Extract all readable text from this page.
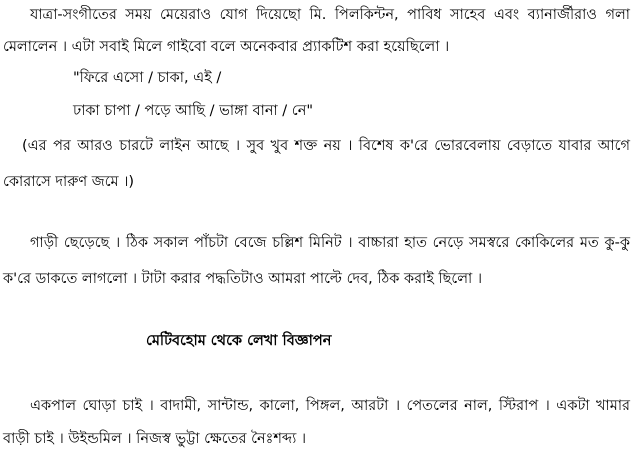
যাত্রা-সংগীতের সময় মেয়েরাও যোগ দিয়েছো মি. পিলকিন্টন, পাবিধ সাহেব এবং ব্যানার্জীরাও গলা
মেলালেন । এটা সবাই মিলে গাইবো বলে অনেকবার প্র্যাকটিশ করা হয়েছিলো ।
"ফিরে এসো / চাকা, এই /
ঢাকা চাপা / পড়ে আছি / ভাঙ্গা বানা / নে"
(এর পর আরও চারটে লাইন আছে । সুব খুব শক্ত নয় । বিশেষ ক'রে ভোরবেলায় বেড়াতে যাবার আগে
কোরাসে দারুণ জমে ।)
গাড়ী ছেড়েছে । ঠিক সকাল পাঁচটা বেজে চল্লিশ মিনিট । বাচ্চারা হাত নেড়ে সমস্বরে কোকিলের মত কু-কু
ক'রে ডাকতে লাগলো । টাটা করার পদ্ধতিটাও আমরা পাল্টে দেব, ঠিক করাই ছিলো ।
মেটিবহোম থেকে লেখা বিজ্ঞাপন
একপাল ঘোড়া চাই । বাদামী, সান্টান্ড, কালো, পিঙ্গল, আরটা । পেতলের নাল, স্টিরাপ । একটা খামার
বাড়ী চাই । উইন্ডমিল । নিজস্ব ভুট্টা ক্ষেতের নৈঃশব্দ্য ।
